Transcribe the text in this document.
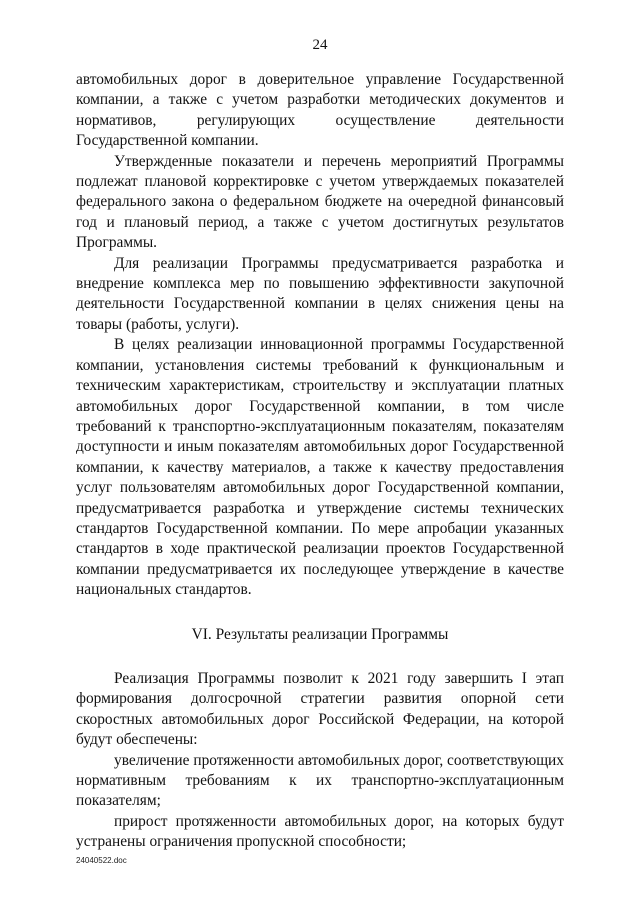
24

автомобильных дорог в доверительное управление Государственной компании, а также с учетом разработки методических документов и нормативов, регулирующих осуществление деятельности Государственной компании.

Утвержденные показатели и перечень мероприятий Программы подлежат плановой корректировке с учетом утверждаемых показателей федерального закона о федеральном бюджете на очередной финансовый год и плановый период, а также с учетом достигнутых результатов Программы.

Для реализации Программы предусматривается разработка и внедрение комплекса мер по повышению эффективности закупочной деятельности Государственной компании в целях снижения цены на товары (работы, услуги).

В целях реализации инновационной программы Государственной компании, установления системы требований к функциональным и техническим характеристикам, строительству и эксплуатации платных автомобильных дорог Государственной компании, в том числе требований к транспортно-эксплуатационным показателям, показателям доступности и иным показателям автомобильных дорог Государственной компании, к качеству материалов, а также к качеству предоставления услуг пользователям автомобильных дорог Государственной компании, предусматривается разработка и утверждение системы технических стандартов Государственной компании. По мере апробации указанных стандартов в ходе практической реализации проектов Государственной компании предусматривается их последующее утверждение в качестве национальных стандартов.

VI. Результаты реализации Программы

Реализация Программы позволит к 2021 году завершить I этап формирования долгосрочной стратегии развития опорной сети скоростных автомобильных дорог Российской Федерации, на которой будут обеспечены:

увеличение протяженности автомобильных дорог, соответствующих нормативным требованиям к их транспортно-эксплуатационным показателям;

прирост протяженности автомобильных дорог, на которых будут устранены ограничения пропускной способности;

24040522.doc
